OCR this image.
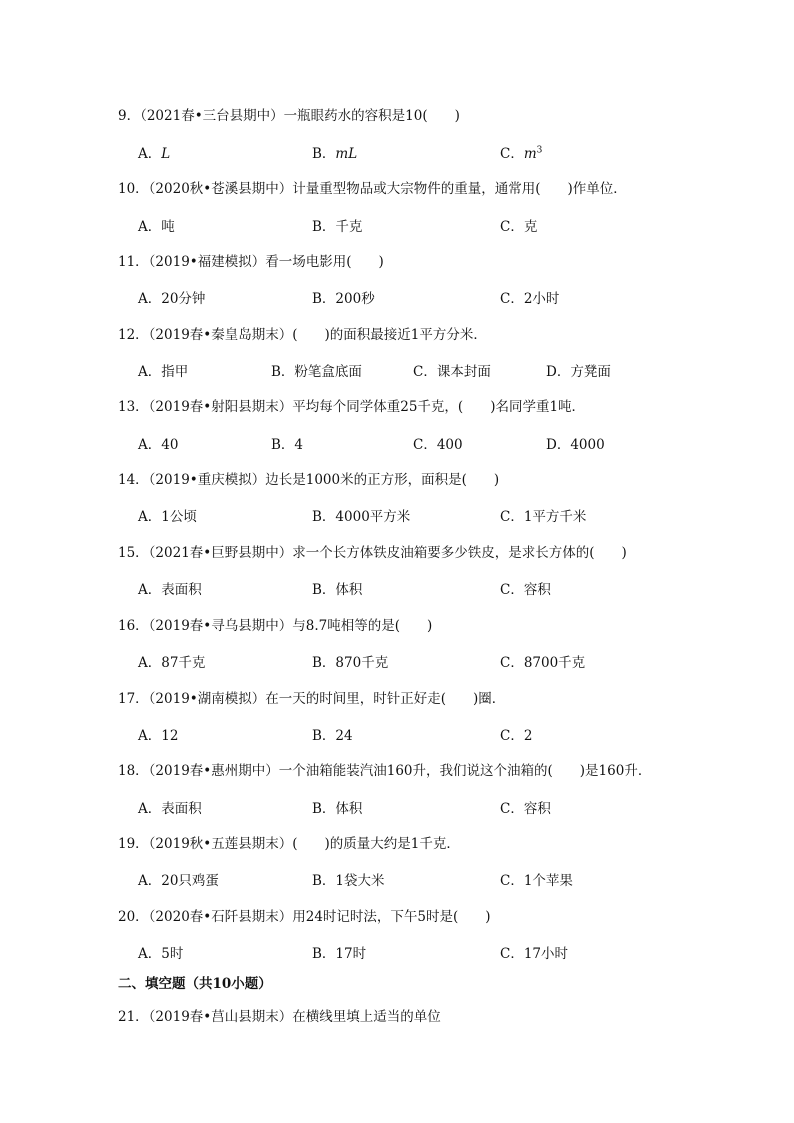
9．（2021春•三台县期中）一瓶眼药水的容积是10(　　)
A．L	B．mL	C．$m^3$
10．（2020秋•苍溪县期中）计量重型物品或大宗物件的重量，通常用(　　)作单位．
A．吨	B．千克	C．克
11．（2019•福建模拟）看一场电影用(　　)
A．20分钟	B．200秒	C．2小时
12．（2019春•秦皇岛期末）(　　)的面积最接近1平方分米．
A．指甲	B．粉笔盒底面	C．课本封面	D．方凳面
13．（2019春•射阳县期末）平均每个同学体重25千克，(　　)名同学重1吨．
A．40	B．4	C．400	D．4000
14．（2019•重庆模拟）边长是1000米的正方形，面积是(　　)
A．1公顷	B．4000平方米	C．1平方千米
15．（2021春•巨野县期中）求一个长方体铁皮油箱要多少铁皮，是求长方体的(　　)
A．表面积	B．体积	C．容积
16．（2019春•寻乌县期中）与8.7吨相等的是(　　)
A．87千克	B．870千克	C．8700千克
17．（2019•湖南模拟）在一天的时间里，时针正好走(　　)圈．
A．12	B．24	C．2
18．（2019春•惠州期中）一个油箱能装汽油160升，我们说这个油箱的(　　)是160升．
A．表面积	B．体积	C．容积
19．（2019秋•五莲县期末）(　　)的质量大约是1千克．
A．20只鸡蛋	B．1袋大米	C．1个苹果
20．（2020春•石阡县期末）用24时记时法，下午5时是(　　)
A．5时	B．17时	C．17小时
二、填空题（共10小题）
21．（2019春•莒山县期末）在横线里填上适当的单位
